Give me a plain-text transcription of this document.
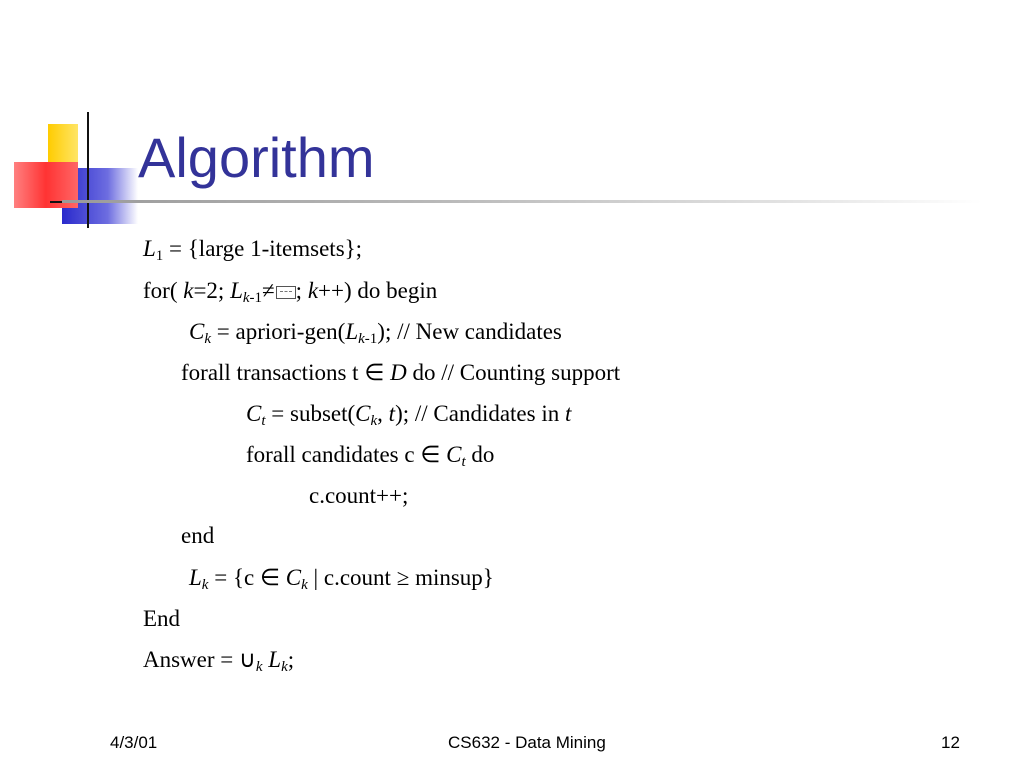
Algorithm
$L_1$ = {large 1-itemsets};
for( k=2; $L_{k-1}\ne$ ; k++) do begin
$C_k$ = apriori-$gen(L_{k-1})$; // New candidates
forall transactions t ∈ D do // Counting support
$C_t$ = $subset(C_k$, t); // Candidates in t
forall candidates c ∈ $C_t$ do
c.count++;
end
$L_k = \{c$ ∈ $C_k$ | c.count ≥ minsup}
End
Answer = $\cup_k$ $L_k$;
4/3/01	CS632 - Data Mining	12
